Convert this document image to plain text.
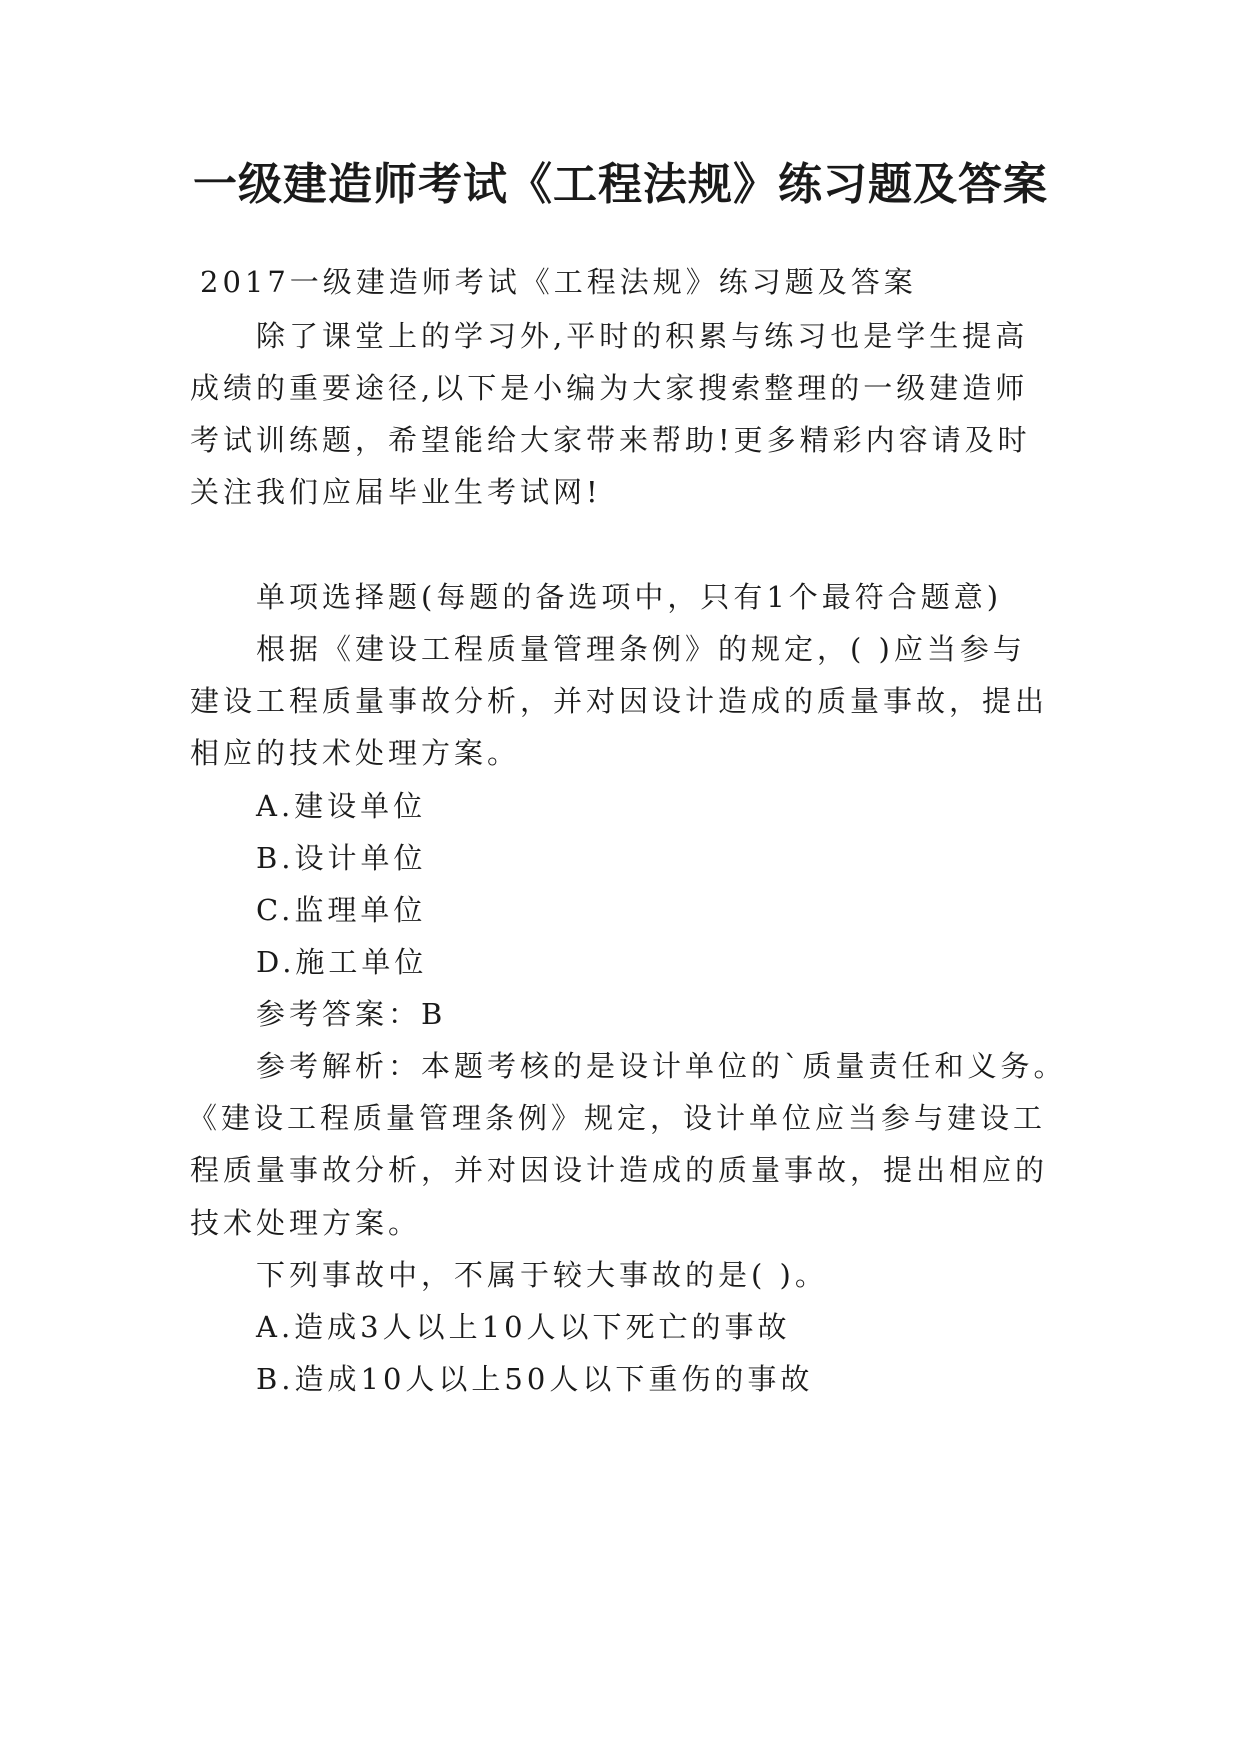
一级建造师考试《工程法规》练习题及答案
2017一级建造师考试《工程法规》练习题及答案
除了课堂上的学习外,平时的积累与练习也是学生提高
成绩的重要途径,以下是小编为大家搜索整理的一级建造师
考试训练题，希望能给大家带来帮助!更多精彩内容请及时
关注我们应届毕业生考试网!
单项选择题(每题的备选项中，只有1个最符合题意)
根据《建设工程质量管理条例》的规定，( )应当参与
建设工程质量事故分析，并对因设计造成的质量事故，提出
相应的技术处理方案。
A.建设单位
B.设计单位
C.监理单位
D.施工单位
参考答案：B
参考解析：本题考核的是设计单位的`质量责任和义务。
《建设工程质量管理条例》规定，设计单位应当参与建设工
程质量事故分析，并对因设计造成的质量事故，提出相应的
技术处理方案。
下列事故中，不属于较大事故的是( )。
A.造成3人以上10人以下死亡的事故
B.造成10人以上50人以下重伤的事故
